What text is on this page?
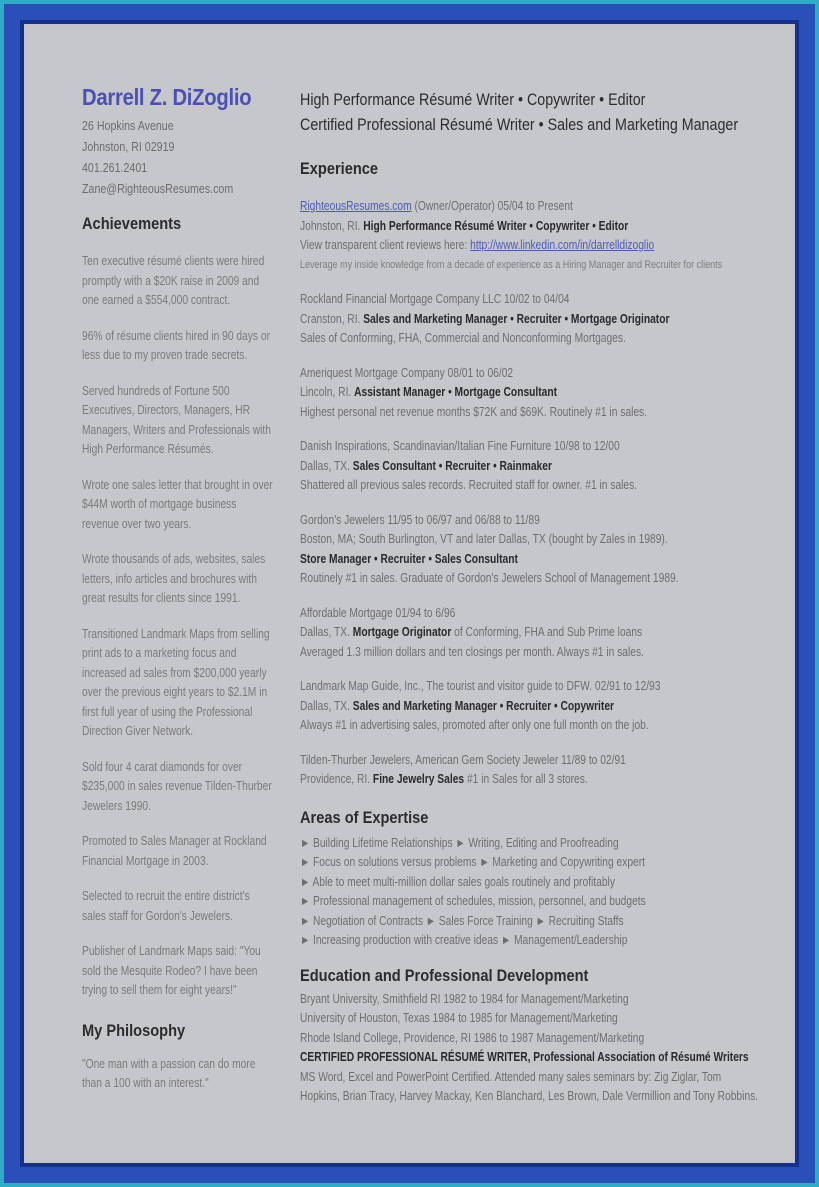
Darrell Z. DiZoglio
26 Hopkins Avenue
Johnston, RI 02919
401.261.2401
Zane@RighteousResumes.com
Achievements
Ten executive résumé clients were hired promptly with a $20K raise in 2009 and one earned a $554,000 contract.
96% of résume clients hired in 90 days or less due to my proven trade secrets.
Served hundreds of Fortune 500 Executives, Directors, Managers, HR Managers, Writers and Professionals with High Performance Résumés.
Wrote one sales letter that brought in over $44M worth of mortgage business revenue over two years.
Wrote thousands of ads, websites, sales letters, info articles and brochures with great results for clients since 1991.
Transitioned Landmark Maps from selling print ads to a marketing focus and increased ad sales from $200,000 yearly over the previous eight years to $2.1M in first full year of using the Professional Direction Giver Network.
Sold four 4 carat diamonds for over $235,000 in sales revenue Tilden-Thurber Jewelers 1990.
Promoted to Sales Manager at Rockland Financial Mortgage in 2003.
Selected to recruit the entire district's sales staff for Gordon's Jewelers.
Publisher of Landmark Maps said: "You sold the Mesquite Rodeo? I have been trying to sell them for eight years!"
My Philosophy
"One man with a passion can do more than a 100 with an interest."
High Performance Résumé Writer • Copywriter • Editor
Certified Professional Résumé Writer • Sales and Marketing Manager
Experience
RighteousResumes.com (Owner/Operator) 05/04 to Present
Johnston, RI. High Performance Résumé Writer • Copywriter • Editor
View transparent client reviews here: http://www.linkedin.com/in/darrelldizoglio
Leverage my inside knowledge from a decade of experience as a Hiring Manager and Recruiter for clients
Rockland Financial Mortgage Company LLC 10/02 to 04/04
Cranston, RI. Sales and Marketing Manager • Recruiter • Mortgage Originator
Sales of Conforming, FHA, Commercial and Nonconforming Mortgages.
Ameriquest Mortgage Company 08/01 to 06/02
Lincoln, RI. Assistant Manager • Mortgage Consultant
Highest personal net revenue months $72K and $69K. Routinely #1 in sales.
Danish Inspirations, Scandinavian/Italian Fine Furniture 10/98 to 12/00
Dallas, TX. Sales Consultant • Recruiter • Rainmaker
Shattered all previous sales records. Recruited staff for owner. #1 in sales.
Gordon's Jewelers 11/95 to 06/97 and 06/88 to 11/89
Boston, MA; South Burlington, VT and later Dallas, TX (bought by Zales in 1989).
Store Manager • Recruiter • Sales Consultant
Routinely #1 in sales. Graduate of Gordon's Jewelers School of Management 1989.
Affordable Mortgage 01/94 to 6/96
Dallas, TX. Mortgage Originator of Conforming, FHA and Sub Prime loans
Averaged 1.3 million dollars and ten closings per month. Always #1 in sales.
Landmark Map Guide, Inc., The tourist and visitor guide to DFW. 02/91 to 12/93
Dallas, TX. Sales and Marketing Manager • Recruiter • Copywriter
Always #1 in advertising sales, promoted after only one full month on the job.
Tilden-Thurber Jewelers, American Gem Society Jeweler 11/89 to 02/91
Providence, RI. Fine Jewelry Sales #1 in Sales for all 3 stores.
Areas of Expertise
► Building Lifetime Relationships ► Writing, Editing and Proofreading
► Focus on solutions versus problems ► Marketing and Copywriting expert
► Able to meet multi-million dollar sales goals routinely and profitably
► Professional management of schedules, mission, personnel, and budgets
► Negotiation of Contracts ► Sales Force Training ► Recruiting Staffs
► Increasing production with creative ideas ► Management/Leadership
Education and Professional Development
Bryant University, Smithfield RI 1982 to 1984 for Management/Marketing
University of Houston, Texas 1984 to 1985 for Management/Marketing
Rhode Island College, Providence, RI 1986 to 1987 Management/Marketing
CERTIFIED PROFESSIONAL RÉSUMÉ WRITER, Professional Association of Résumé Writers
MS Word, Excel and PowerPoint Certified. Attended many sales seminars by: Zig Ziglar, Tom
Hopkins, Brian Tracy, Harvey Mackay, Ken Blanchard, Les Brown, Dale Vermillion and Tony Robbins.
